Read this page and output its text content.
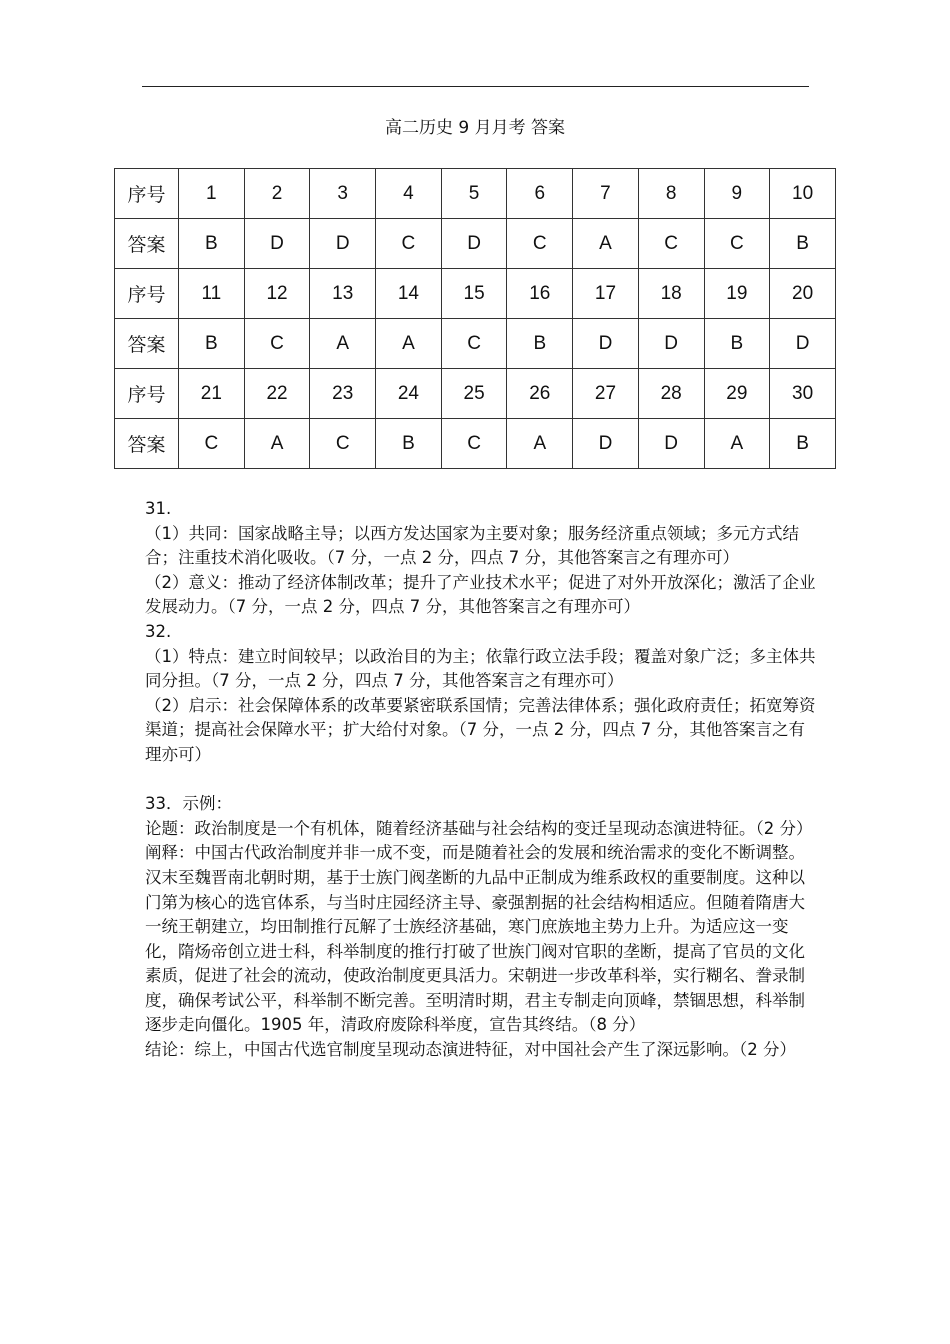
高二历史 9 月月考 答案
序号	1	2	3	4	5	6	7	8	9	10
答案	B	D	D	C	D	C	A	C	C	B
序号	11	12	13	14	15	16	17	18	19	20
答案	B	C	A	A	C	B	D	D	B	D
序号	21	22	23	24	25	26	27	28	29	30
答案	C	A	C	B	C	A	D	D	A	B

31.

（1）共同：国家战略主导；以西方发达国家为主要对象；服务经济重点领域；多元方式结合；注重技术消化吸收。（7 分，一点 2 分，四点 7 分，其他答案言之有理亦可）

（2）意义：推动了经济体制改革；提升了产业技术水平；促进了对外开放深化；激活了企业发展动力。（7 分，一点 2 分，四点 7 分，其他答案言之有理亦可）

32.

（1）特点：建立时间较早；以政治目的为主；依靠行政立法手段；覆盖对象广泛；多主体共同分担。（7 分，一点 2 分，四点 7 分，其他答案言之有理亦可）

（2）启示：社会保障体系的改革要紧密联系国情；完善法律体系；强化政府责任；拓宽筹资渠道；提高社会保障水平；扩大给付对象。（7 分，一点 2 分，四点 7 分，其他答案言之有理亦可）

33．示例：

论题：政治制度是一个有机体，随着经济基础与社会结构的变迁呈现动态演进特征。（2 分）

阐释：中国古代政治制度并非一成不变，而是随着社会的发展和统治需求的变化不断调整。汉末至魏晋南北朝时期，基于士族门阀垄断的九品中正制成为维系政权的重要制度。这种以门第为核心的选官体系，与当时庄园经济主导、豪强割据的社会结构相适应。但随着隋唐大一统王朝建立，均田制推行瓦解了士族经济基础，寒门庶族地主势力上升。为适应这一变化，隋炀帝创立进士科，科举制度的推行打破了世族门阀对官职的垄断，提高了官员的文化素质，促进了社会的流动，使政治制度更具活力。宋朝进一步改革科举，实行糊名、誊录制度，确保考试公平，科举制不断完善。至明清时期，君主专制走向顶峰，禁锢思想，科举制逐步走向僵化。1905 年，清政府废除科举度，宣告其终结。（8 分）

结论：综上，中国古代选官制度呈现动态演进特征，对中国社会产生了深远影响。（2 分）
